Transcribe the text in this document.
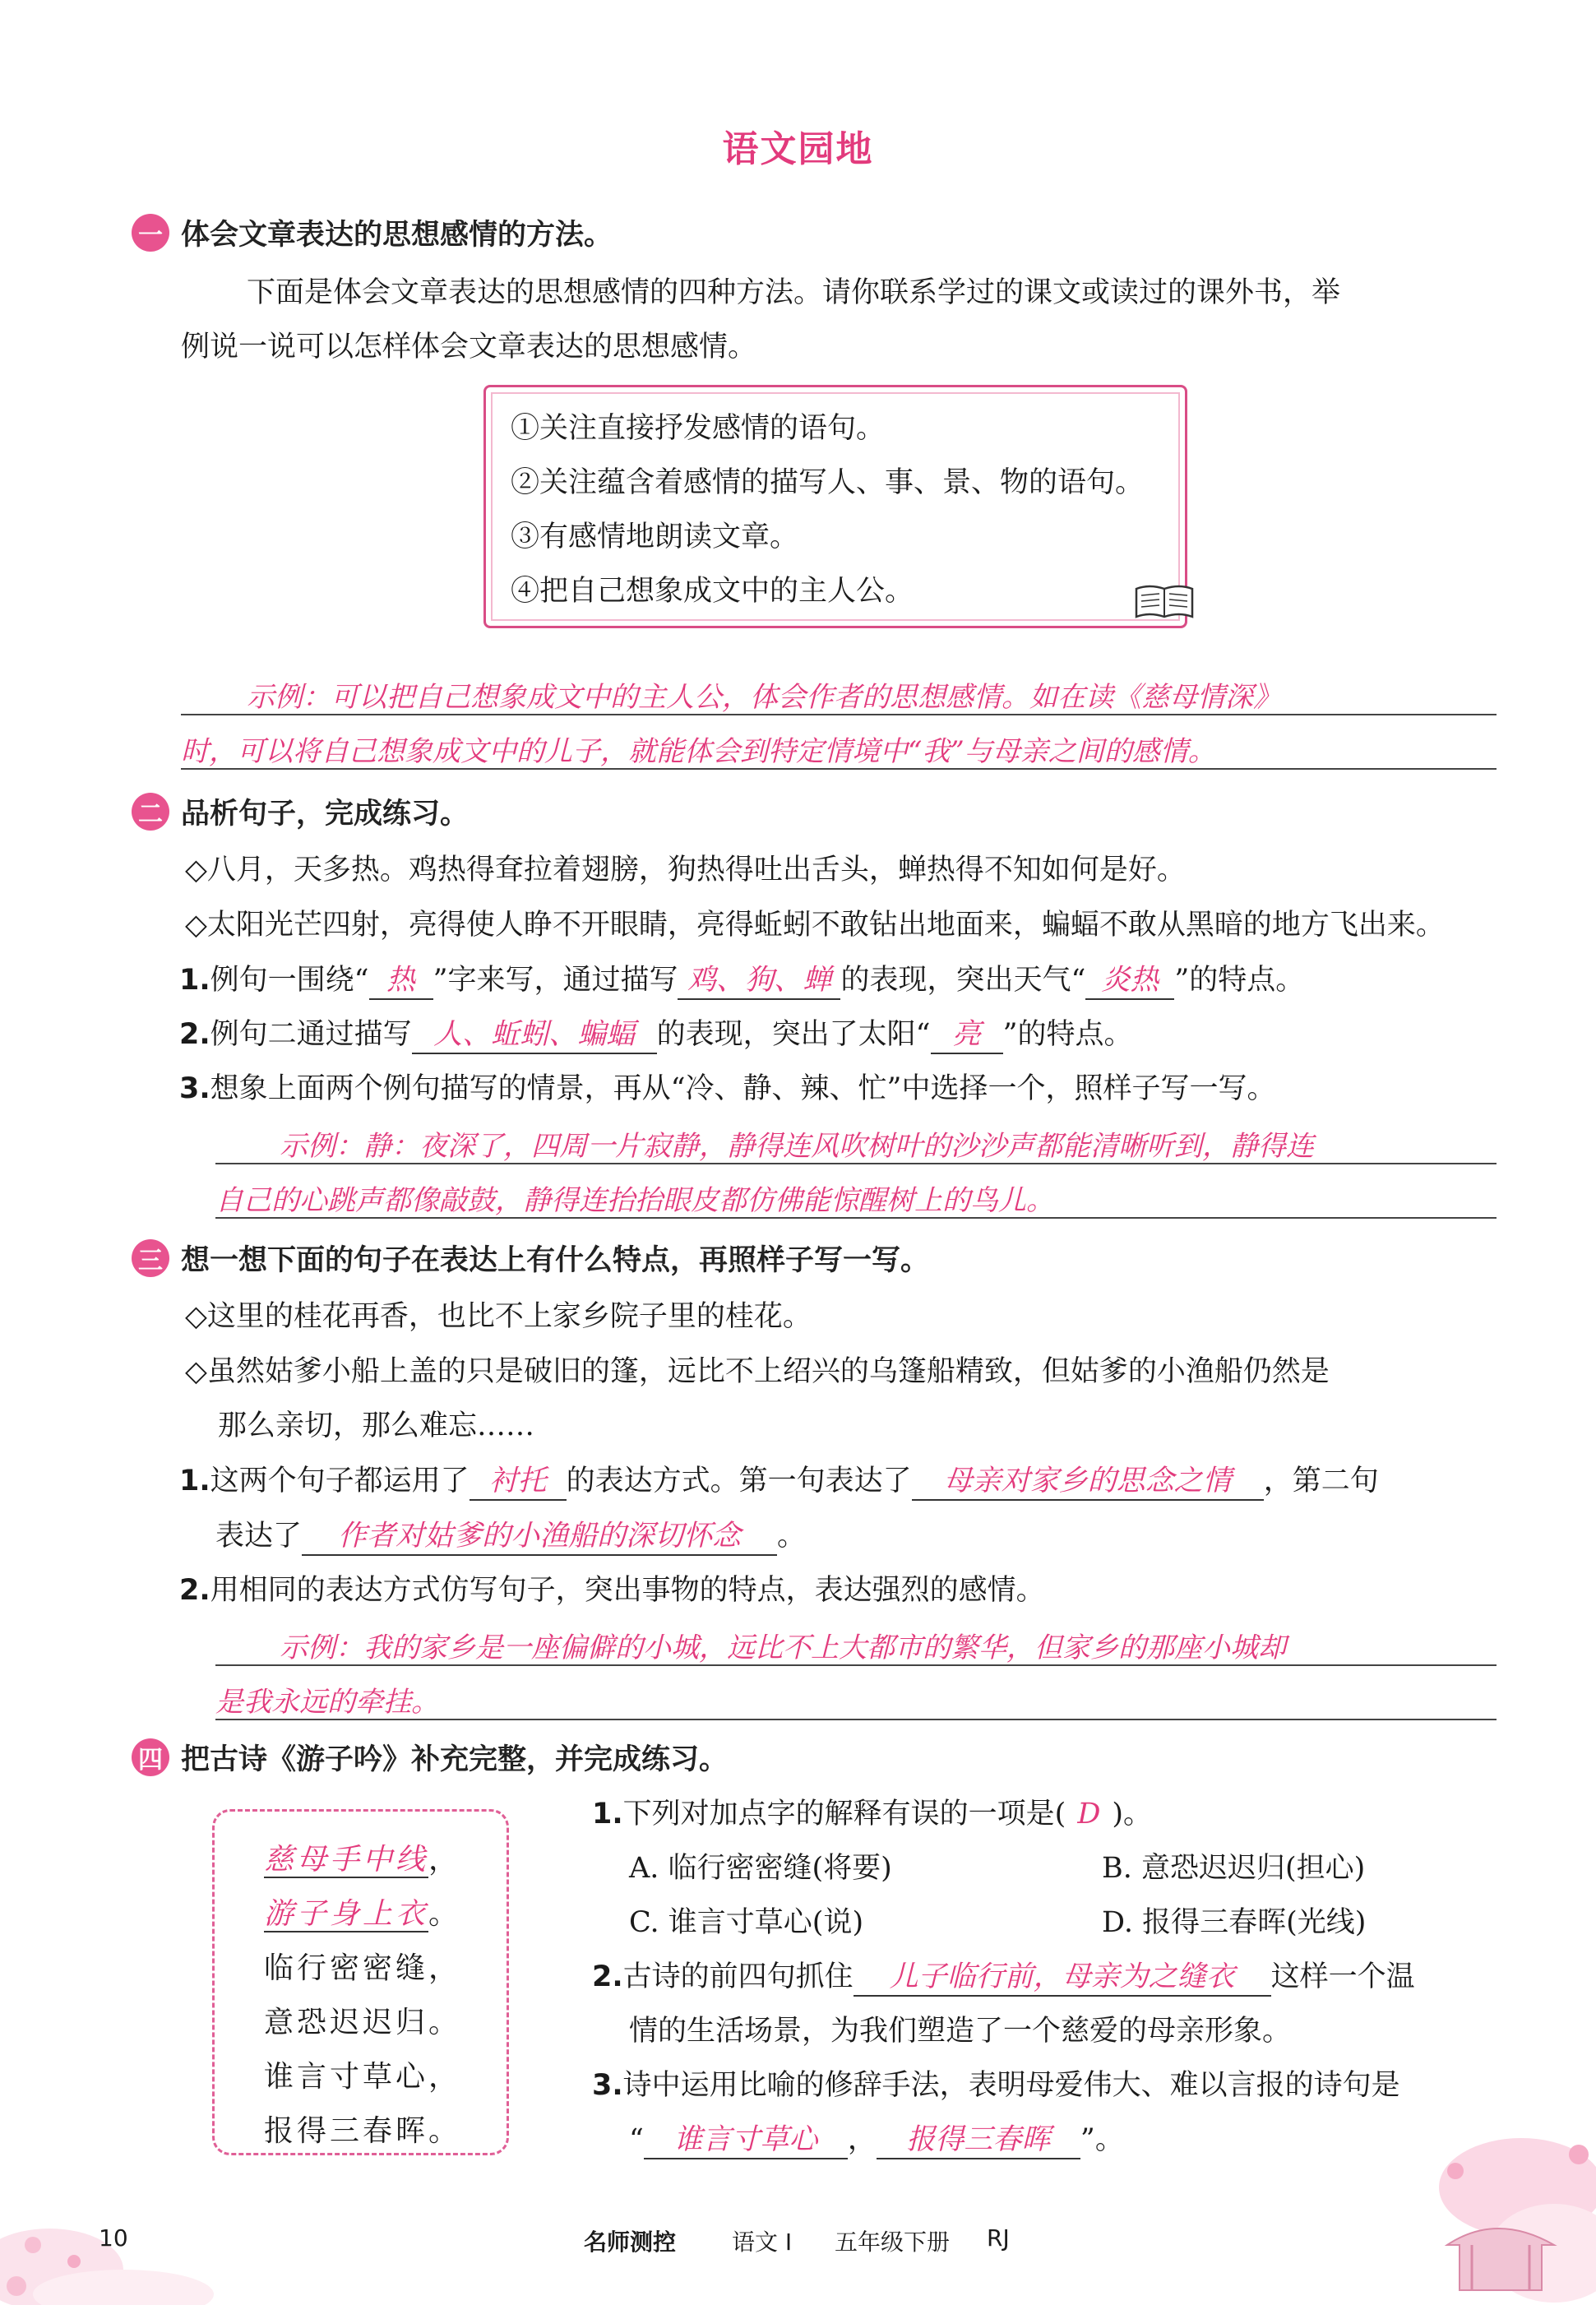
语文园地
一 体会文章表达的思想感情的方法。
下面是体会文章表达的思想感情的四种方法。请你联系学过的课文或读过的课外书，举
例说一说可以怎样体会文章表达的思想感情。
①关注直接抒发感情的语句。
②关注蕴含着感情的描写人、事、景、物的语句。
③有感情地朗读文章。
④把自己想象成文中的主人公。
示例：可以把自己想象成文中的主人公，体会作者的思想感情。如在读《慈母情深》
时，可以将自己想象成文中的儿子，就能体会到特定情境中“我”与母亲之间的感情。
二 品析句子，完成练习。
◇八月，天多热。鸡热得耷拉着翅膀，狗热得吐出舌头，蝉热得不知如何是好。
◇太阳光芒四射，亮得使人睁不开眼睛，亮得蚯蚓不敢钻出地面来，蝙蝠不敢从黑暗的地方飞出来。
1.例句一围绕“ 热 ”字来写，通过描写 鸡、狗、蝉 的表现，突出天气“ 炎热 ”的特点。
2.例句二通过描写 人、蚯蚓、蝙蝠 的表现，突出了太阳“ 亮 ”的特点。
3.想象上面两个例句描写的情景，再从“冷、静、辣、忙”中选择一个，照样子写一写。
示例：静：夜深了，四周一片寂静，静得连风吹树叶的沙沙声都能清晰听到，静得连
自己的心跳声都像敲鼓，静得连抬抬眼皮都仿佛能惊醒树上的鸟儿。
三 想一想下面的句子在表达上有什么特点，再照样子写一写。
◇这里的桂花再香，也比不上家乡院子里的桂花。
◇虽然姑爹小船上盖的只是破旧的篷，远比不上绍兴的乌篷船精致，但姑爹的小渔船仍然是
那么亲切，那么难忘……
1.这两个句子都运用了 衬托 的表达方式。第一句表达了 母亲对家乡的思念之情 ，第二句
表达了 作者对姑爹的小渔船的深切怀念 。
2.用相同的表达方式仿写句子，突出事物的特点，表达强烈的感情。
示例：我的家乡是一座偏僻的小城，远比不上大都市的繁华，但家乡的那座小城却
是我永远的牵挂。
四 把古诗《游子吟》补充完整，并完成练习。
慈母手中线，
游子身上衣。
临行密密缝，
意恐迟迟归。
谁言寸草心，
报得三春晖。
1.下列对加点字的解释有误的一项是( D )。
A. 临行密密缝(将要)	B. 意恐迟迟归(担心)
C. 谁言寸草心(说)	D. 报得三春晖(光线)
2.古诗的前四句抓住 儿子临行前，母亲为之缝衣 这样一个温
情的生活场景，为我们塑造了一个慈爱的母亲形象。
3.诗中运用比喻的修辞手法，表明母爱伟大、难以言报的诗句是
“ 谁言寸草心 ， 报得三春晖 ”。
10	名师测控 语文 I 五年级下册 RJ
